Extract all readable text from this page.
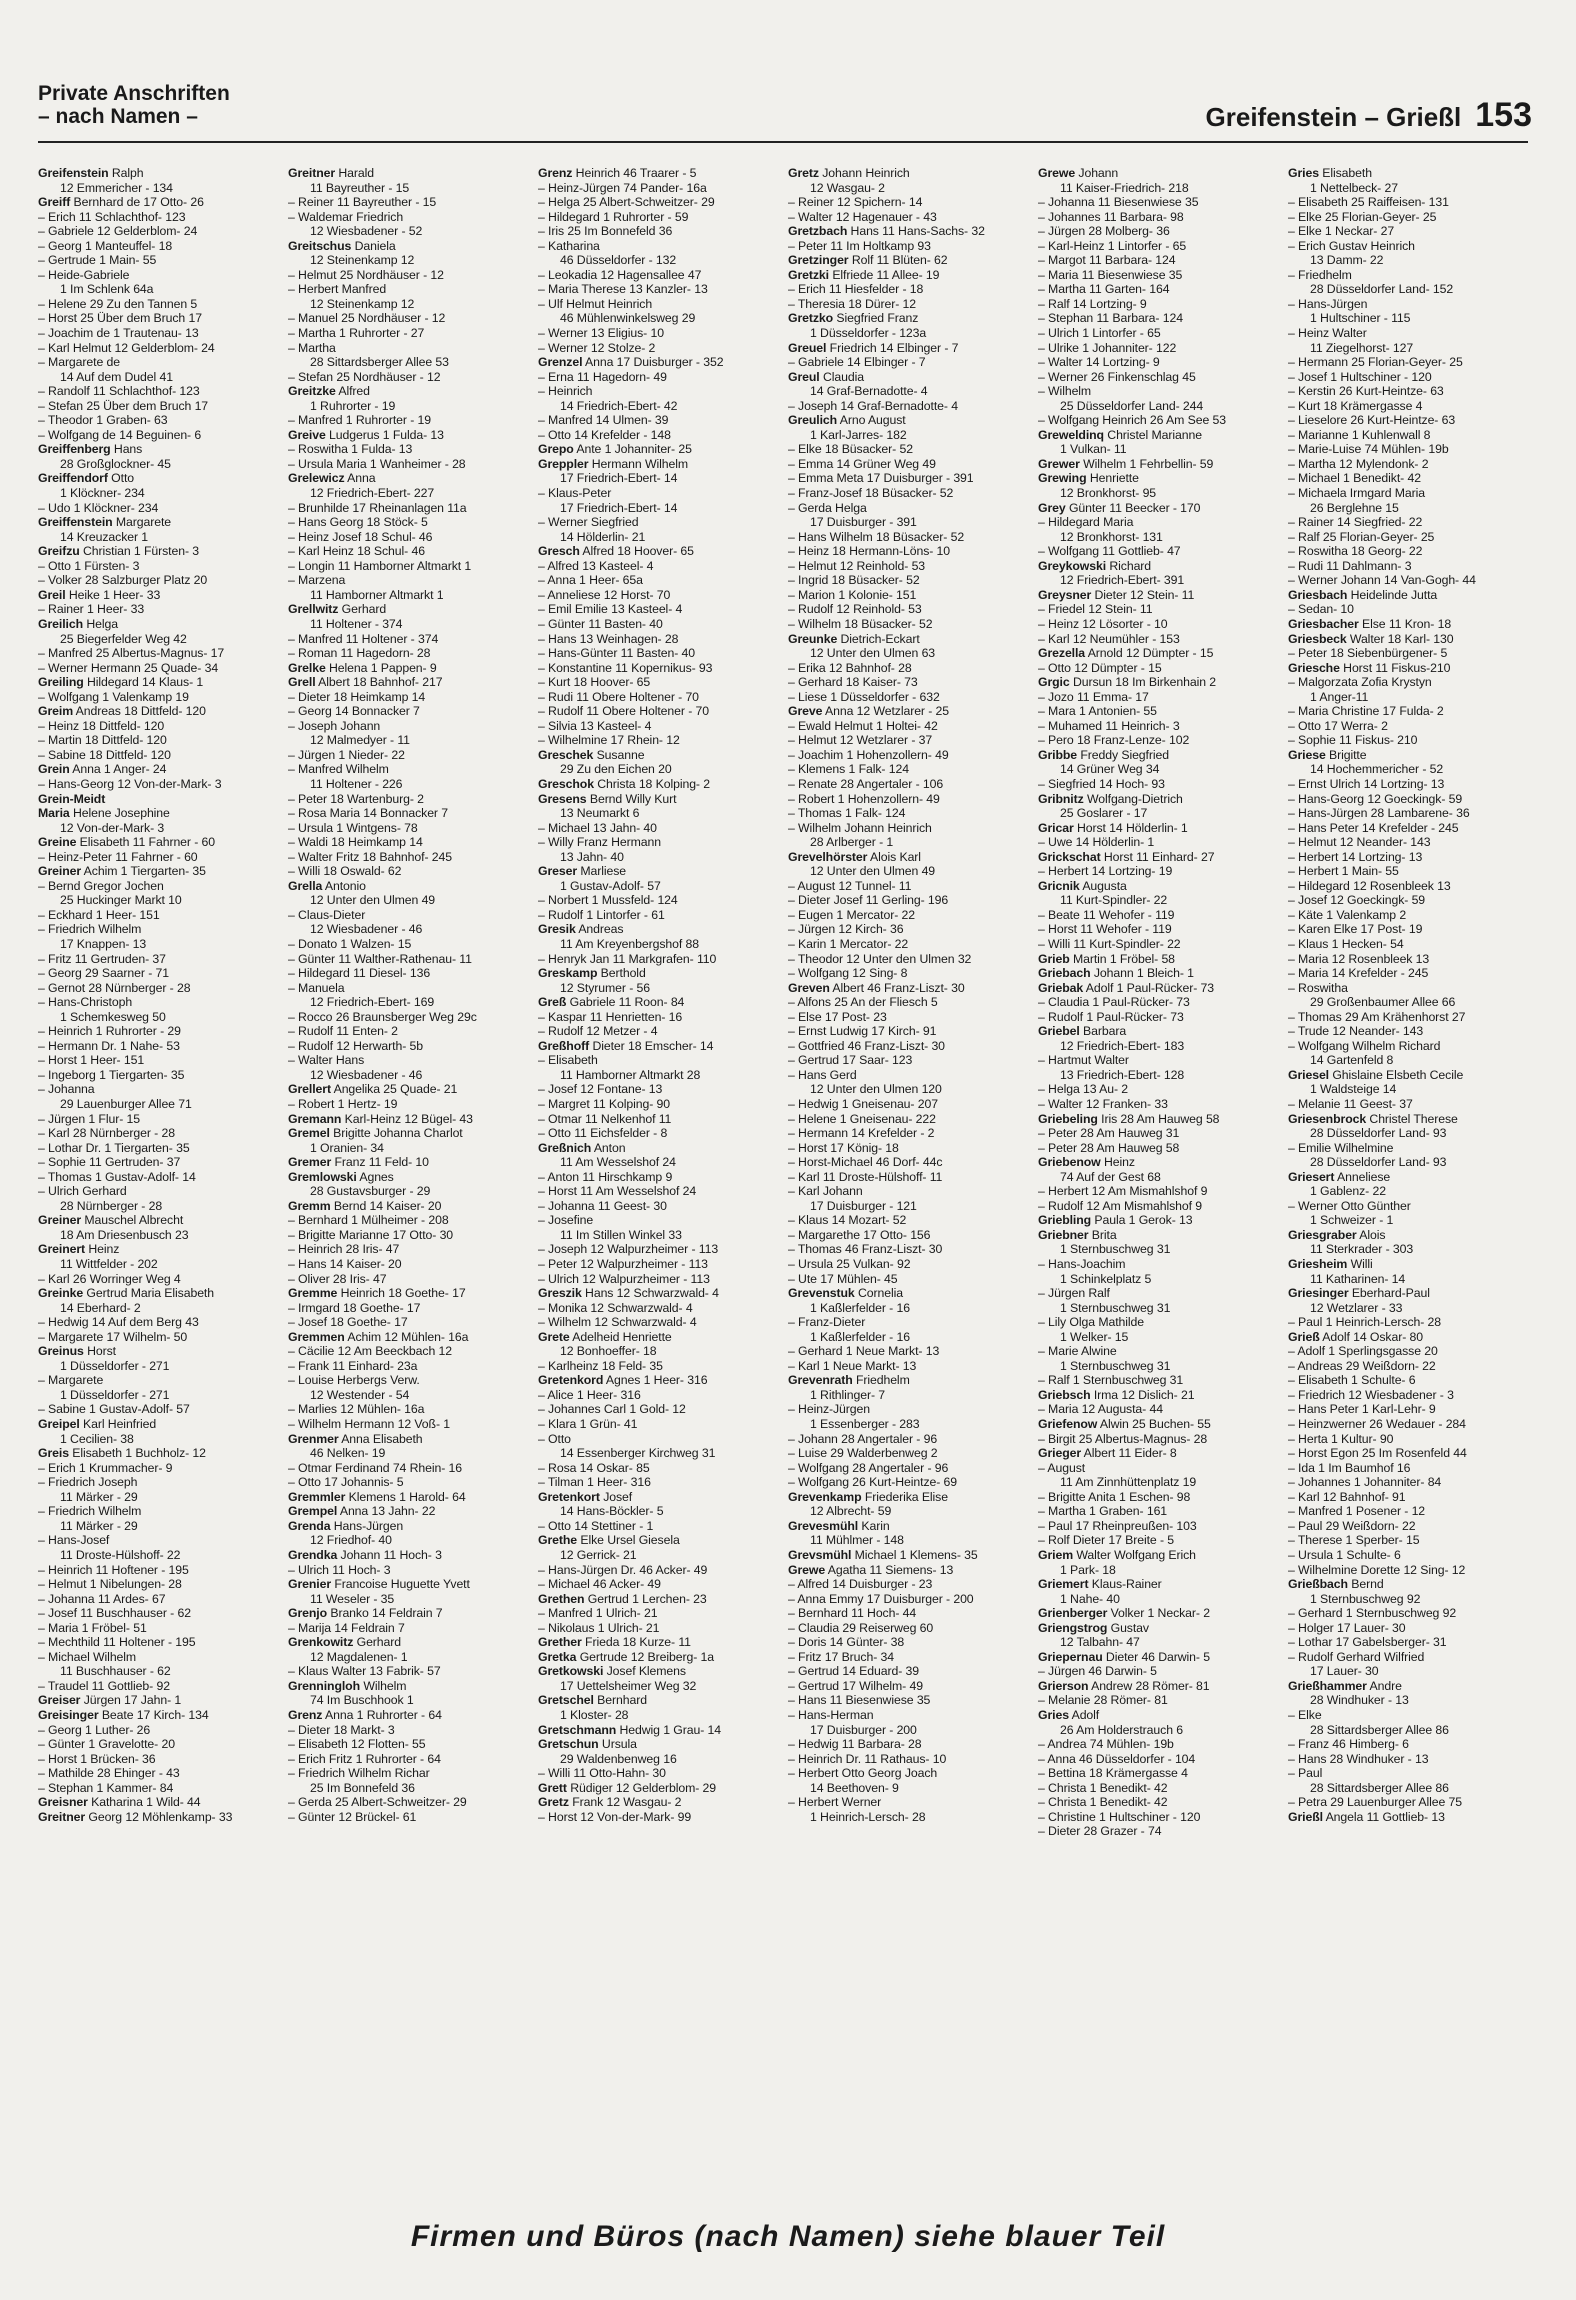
Private Anschriften
– nach Namen –	Greifenstein – Grießl 153
Greifenstein Ralph
12 Emmericher - 134
Greiff Bernhard de 17 Otto- 26
– Erich 11 Schlachthof- 123
– Gabriele 12 Gelderblom- 24
– Georg 1 Manteuffel- 18
– Gertrude 1 Main- 55
– Heide-Gabriele
1 Im Schlenk 64a
– Helene 29 Zu den Tannen 5
– Horst 25 Über dem Bruch 17
– Joachim de 1 Trautenau- 13
– Karl Helmut 12 Gelderblom- 24
– Margarete de
14 Auf dem Dudel 41
– Randolf 11 Schlachthof- 123
– Stefan 25 Über dem Bruch 17
– Theodor 1 Graben- 63
– Wolfgang de 14 Beguinen- 6
Greiffenberg Hans
28 Großglockner- 45
Greiffendorf Otto
1 Klöckner- 234
– Udo 1 Klöckner- 234
Greiffenstein Margarete
14 Kreuzacker 1
Greifzu Christian 1 Fürsten- 3
– Otto 1 Fürsten- 3
– Volker 28 Salzburger Platz 20
Greil Heike 1 Heer- 33
– Rainer 1 Heer- 33
Greilich Helga
25 Biegerfelder Weg 42
– Manfred 25 Albertus-Magnus- 17
– Werner Hermann 25 Quade- 34
Greiling Hildegard 14 Klaus- 1
– Wolfgang 1 Valenkamp 19
Greim Andreas 18 Dittfeld- 120
– Heinz 18 Dittfeld- 120
– Martin 18 Dittfeld- 120
– Sabine 18 Dittfeld- 120
Grein Anna 1 Anger- 24
– Hans-Georg 12 Von-der-Mark- 3
Grein-Meidt
Maria Helene Josephine
12 Von-der-Mark- 3
Greine Elisabeth 11 Fahrner - 60
– Heinz-Peter 11 Fahrner - 60
Greiner Achim 1 Tiergarten- 35
– Bernd Gregor Jochen
25 Huckinger Markt 10
– Eckhard 1 Heer- 151
– Friedrich Wilhelm
17 Knappen- 13
– Fritz 11 Gertruden- 37
– Georg 29 Saarner - 71
– Gernot 28 Nürnberger - 28
– Hans-Christoph
1 Schemkesweg 50
– Heinrich 1 Ruhrorter - 29
– Hermann Dr. 1 Nahe- 53
– Horst 1 Heer- 151
– Ingeborg 1 Tiergarten- 35
– Johanna
29 Lauenburger Allee 71
– Jürgen 1 Flur- 15
– Karl 28 Nürnberger - 28
– Lothar Dr. 1 Tiergarten- 35
– Sophie 11 Gertruden- 37
– Thomas 1 Gustav-Adolf- 14
– Ulrich Gerhard
28 Nürnberger - 28
Greiner Mauschel Albrecht
18 Am Driesenbusch 23
Greinert Heinz
11 Wittfelder - 202
– Karl 26 Worringer Weg 4
Greinke Gertrud Maria Elisabeth
14 Eberhard- 2
– Hedwig 14 Auf dem Berg 43
– Margarete 17 Wilhelm- 50
Greinus Horst
1 Düsseldorfer - 271
– Margarete
1 Düsseldorfer - 271
– Sabine 1 Gustav-Adolf- 57
Greipel Karl Heinfried
1 Cecilien- 38
Greis Elisabeth 1 Buchholz- 12
– Erich 1 Krummacher- 9
– Friedrich Joseph
11 Märker - 29
– Friedrich Wilhelm
11 Märker - 29
– Hans-Josef
11 Droste-Hülshoff- 22
– Heinrich 11 Hoftener - 195
– Helmut 1 Nibelungen- 28
– Johanna 11 Ardes- 67
– Josef 11 Buschhauser - 62
– Maria 1 Fröbel- 51
– Mechthild 11 Holtener - 195
– Michael Wilhelm
11 Buschhauser - 62
– Traudel 11 Gottlieb- 92
Greiser Jürgen 17 Jahn- 1
Greisinger Beate 17 Kirch- 134
– Georg 1 Luther- 26
– Günter 1 Gravelotte- 20
– Horst 1 Brücken- 36
– Mathilde 28 Ehinger - 43
– Stephan 1 Kammer- 84
Greisner Katharina 1 Wild- 44
Greitner Georg 12 Möhlenkamp- 33
Greitner Harald
11 Bayreuther - 15
– Reiner 11 Bayreuther - 15
– Waldemar Friedrich
12 Wiesbadener - 52
Greitschus Daniela
12 Steinenkamp 12
– Helmut 25 Nordhäuser - 12
– Herbert Manfred
12 Steinenkamp 12
– Manuel 25 Nordhäuser - 12
– Martha 1 Ruhrorter - 27
– Martha
28 Sittardsberger Allee 53
– Stefan 25 Nordhäuser - 12
Greitzke Alfred
1 Ruhrorter - 19
– Manfred 1 Ruhrorter - 19
Greive Ludgerus 1 Fulda- 13
– Roswitha 1 Fulda- 13
– Ursula Maria 1 Wanheimer - 28
Grelewicz Anna
12 Friedrich-Ebert- 227
– Brunhilde 17 Rheinanlagen 11a
– Hans Georg 18 Stöck- 5
– Heinz Josef 18 Schul- 46
– Karl Heinz 18 Schul- 46
– Longin 11 Hamborner Altmarkt 1
– Marzena
11 Hamborner Altmarkt 1
Grellwitz Gerhard
11 Holtener - 374
– Manfred 11 Holtener - 374
– Roman 11 Hagedorn- 28
Grelke Helena 1 Pappen- 9
Grell Albert 18 Bahnhof- 217
– Dieter 18 Heimkamp 14
– Georg 14 Bonnacker 7
– Joseph Johann
12 Malmedyer - 11
– Jürgen 1 Nieder- 22
– Manfred Wilhelm
11 Holtener - 226
– Peter 18 Wartenburg- 2
– Rosa Maria 14 Bonnacker 7
– Ursula 1 Wintgens- 78
– Waldi 18 Heimkamp 14
– Walter Fritz 18 Bahnhof- 245
– Willi 18 Oswald- 62
Grella Antonio
12 Unter den Ulmen 49
– Claus-Dieter
12 Wiesbadener - 46
– Donato 1 Walzen- 15
– Günter 11 Walther-Rathenau- 11
– Hildegard 11 Diesel- 136
– Manuela
12 Friedrich-Ebert- 169
– Rocco 26 Braunsberger Weg 29c
– Rudolf 11 Enten- 2
– Rudolf 12 Herwarth- 5b
– Walter Hans
12 Wiesbadener - 46
Grellert Angelika 25 Quade- 21
– Robert 1 Hertz- 19
Gremann Karl-Heinz 12 Bügel- 43
Gremel Brigitte Johanna Charlot
1 Oranien- 34
Gremer Franz 11 Feld- 10
Gremlowski Agnes
28 Gustavsburger - 29
Gremm Bernd 14 Kaiser- 20
– Bernhard 1 Mülheimer - 208
– Brigitte Marianne 17 Otto- 30
– Heinrich 28 Iris- 47
– Hans 14 Kaiser- 20
– Oliver 28 Iris- 47
Gremme Heinrich 18 Goethe- 17
– Irmgard 18 Goethe- 17
– Josef 18 Goethe- 17
Gremmen Achim 12 Mühlen- 16a
– Cäcilie 12 Am Beeckbach 12
– Frank 11 Einhard- 23a
– Louise Herbergs Verw.
12 Westender - 54
– Marlies 12 Mühlen- 16a
– Wilhelm Hermann 12 Voß- 1
Grenmer Anna Elisabeth
46 Nelken- 19
– Otmar Ferdinand 74 Rhein- 16
– Otto 17 Johannis- 5
Gremmler Klemens 1 Harold- 64
Grempel Anna 13 Jahn- 22
Grenda Hans-Jürgen
12 Friedhof- 40
Grendka Johann 11 Hoch- 3
– Ulrich 11 Hoch- 3
Grenier Francoise Huguette Yvett
11 Weseler - 35
Grenjo Branko 14 Feldrain 7
– Marija 14 Feldrain 7
Grenkowitz Gerhard
12 Magdalenen- 1
– Klaus Walter 13 Fabrik- 57
Grenningloh Wilhelm
74 Im Buschhook 1
Grenz Anna 1 Ruhrorter - 64
– Dieter 18 Markt- 3
– Elisabeth 12 Flotten- 55
– Erich Fritz 1 Ruhrorter - 64
– Friedrich Wilhelm Richar
25 Im Bonnefeld 36
– Gerda 25 Albert-Schweitzer- 29
– Günter 12 Brückel- 61
Grenz Heinrich 46 Traarer - 5
– Heinz-Jürgen 74 Pander- 16a
– Helga 25 Albert-Schweitzer- 29
– Hildegard 1 Ruhrorter - 59
– Iris 25 Im Bonnefeld 36
– Katharina
46 Düsseldorfer - 132
– Leokadia 12 Hagensallee 47
– Maria Therese 13 Kanzler- 13
– Ulf Helmut Heinrich
46 Mühlenwinkelsweg 29
– Werner 13 Eligius- 10
– Werner 12 Stolze- 2
Grenzel Anna 17 Duisburger - 352
– Erna 11 Hagedorn- 49
– Heinrich
14 Friedrich-Ebert- 42
– Manfred 14 Ulmen- 39
– Otto 14 Krefelder - 148
Grepo Ante 1 Johanniter- 25
Greppler Hermann Wilhelm
17 Friedrich-Ebert- 14
– Klaus-Peter
17 Friedrich-Ebert- 14
– Werner Siegfried
14 Hölderlin- 21
Gresch Alfred 18 Hoover- 65
– Alfred 13 Kasteel- 4
– Anna 1 Heer- 65a
– Anneliese 12 Horst- 70
– Emil Emilie 13 Kasteel- 4
– Günter 11 Basten- 40
– Hans 13 Weinhagen- 28
– Hans-Günter 11 Basten- 40
– Konstantine 11 Kopernikus- 93
– Kurt 18 Hoover- 65
– Rudi 11 Obere Holtener - 70
– Rudolf 11 Obere Holtener - 70
– Silvia 13 Kasteel- 4
– Wilhelmine 17 Rhein- 12
Greschek Susanne
29 Zu den Eichen 20
Greschok Christa 18 Kolping- 2
Gresens Bernd Willy Kurt
13 Neumarkt 6
– Michael 13 Jahn- 40
– Willy Franz Hermann
13 Jahn- 40
Greser Marliese
1 Gustav-Adolf- 57
– Norbert 1 Mussfeld- 124
– Rudolf 1 Lintorfer - 61
Gresik Andreas
11 Am Kreyenbergshof 88
– Henryk Jan 11 Markgrafen- 110
Greskamp Berthold
12 Styrumer - 56
Greß Gabriele 11 Roon- 84
– Kaspar 11 Henrietten- 16
– Rudolf 12 Metzer - 4
Greßhoff Dieter 18 Emscher- 14
– Elisabeth
11 Hamborner Altmarkt 28
– Josef 12 Fontane- 13
– Margret 11 Kolping- 90
– Otmar 11 Nelkenhof 11
– Otto 11 Eichsfelder - 8
Greßnich Anton
11 Am Wesselshof 24
– Anton 11 Hirschkamp 9
– Horst 11 Am Wesselshof 24
– Johanna 11 Geest- 30
– Josefine
11 Im Stillen Winkel 33
– Joseph 12 Walpurzheimer - 113
– Peter 12 Walpurzheimer - 113
– Ulrich 12 Walpurzheimer - 113
Greszik Hans 12 Schwarzwald- 4
– Monika 12 Schwarzwald- 4
– Wilhelm 12 Schwarzwald- 4
Grete Adelheid Henriette
12 Bonhoeffer- 18
– Karlheinz 18 Feld- 35
Gretenkord Agnes 1 Heer- 316
– Alice 1 Heer- 316
– Johannes Carl 1 Gold- 12
– Klara 1 Grün- 41
– Otto
14 Essenberger Kirchweg 31
– Rosa 14 Oskar- 85
– Tilman 1 Heer- 316
Gretenkort Josef
14 Hans-Böckler- 5
– Otto 14 Stettiner - 1
Grethe Elke Ursel Giesela
12 Gerrick- 21
– Hans-Jürgen Dr. 46 Acker- 49
– Michael 46 Acker- 49
Grethen Gertrud 1 Lerchen- 23
– Manfred 1 Ulrich- 21
– Nikolaus 1 Ulrich- 21
Grether Frieda 18 Kurze- 11
Gretka Gertrude 12 Breiberg- 1a
Gretkowski Josef Klemens
17 Uettelsheimer Weg 32
Gretschel Bernhard
1 Kloster- 28
Gretschmann Hedwig 1 Grau- 14
Gretschun Ursula
29 Waldenbenweg 16
– Willi 11 Otto-Hahn- 30
Grett Rüdiger 12 Gelderblom- 29
Gretz Frank 12 Wasgau- 2
– Horst 12 Von-der-Mark- 99
Gretz Johann Heinrich
12 Wasgau- 2
– Reiner 12 Spichern- 14
– Walter 12 Hagenauer - 43
Gretzbach Hans 11 Hans-Sachs- 32
– Peter 11 Im Holtkamp 93
Gretzinger Rolf 11 Blüten- 62
Gretzki Elfriede 11 Allee- 19
– Erich 11 Hiesfelder - 18
– Theresia 18 Dürer- 12
Gretzko Siegfried Franz
1 Düsseldorfer - 123a
Greuel Friedrich 14 Elbinger - 7
– Gabriele 14 Elbinger - 7
Greul Claudia
14 Graf-Bernadotte- 4
– Joseph 14 Graf-Bernadotte- 4
Greulich Arno August
1 Karl-Jarres- 182
– Elke 18 Büsacker- 52
– Emma 14 Grüner Weg 49
– Emma Meta 17 Duisburger - 391
– Franz-Josef 18 Büsacker- 52
– Gerda Helga
17 Duisburger - 391
– Hans Wilhelm 18 Büsacker- 52
– Heinz 18 Hermann-Löns- 10
– Helmut 12 Reinhold- 53
– Ingrid 18 Büsacker- 52
– Marion 1 Kolonie- 151
– Rudolf 12 Reinhold- 53
– Wilhelm 18 Büsacker- 52
Greunke Dietrich-Eckart
12 Unter den Ulmen 63
– Erika 12 Bahnhof- 28
– Gerhard 18 Kaiser- 73
– Liese 1 Düsseldorfer - 632
Greve Anna 12 Wetzlarer - 25
– Ewald Helmut 1 Holtei- 42
– Helmut 12 Wetzlarer - 37
– Joachim 1 Hohenzollern- 49
– Klemens 1 Falk- 124
– Renate 28 Angertaler - 106
– Robert 1 Hohenzollern- 49
– Thomas 1 Falk- 124
– Wilhelm Johann Heinrich
28 Arlberger - 1
Grevelhörster Alois Karl
12 Unter den Ulmen 49
– August 12 Tunnel- 11
– Dieter Josef 11 Gerling- 196
– Eugen 1 Mercator- 22
– Jürgen 12 Kirch- 36
– Karin 1 Mercator- 22
– Theodor 12 Unter den Ulmen 32
– Wolfgang 12 Sing- 8
Greven Albert 46 Franz-Liszt- 30
– Alfons 25 An der Fliesch 5
– Else 17 Post- 23
– Ernst Ludwig 17 Kirch- 91
– Gottfried 46 Franz-Liszt- 30
– Gertrud 17 Saar- 123
– Hans Gerd
12 Unter den Ulmen 120
– Hedwig 1 Gneisenau- 207
– Helene 1 Gneisenau- 222
– Hermann 14 Krefelder - 2
– Horst 17 König- 18
– Horst-Michael 46 Dorf- 44c
– Karl 11 Droste-Hülshoff- 11
– Karl Johann
17 Duisburger - 121
– Klaus 14 Mozart- 52
– Margarethe 17 Otto- 156
– Thomas 46 Franz-Liszt- 30
– Ursula 25 Vulkan- 92
– Ute 17 Mühlen- 45
Grevenstuk Cornelia
1 Kaßlerfelder - 16
– Franz-Dieter
1 Kaßlerfelder - 16
– Gerhard 1 Neue Markt- 13
– Karl 1 Neue Markt- 13
Grevenrath Friedhelm
1 Rithlinger- 7
– Heinz-Jürgen
1 Essenberger - 283
– Johann 28 Angertaler - 96
– Luise 29 Walderbenweg 2
– Wolfgang 28 Angertaler - 96
– Wolfgang 26 Kurt-Heintze- 69
Grevenkamp Friederika Elise
12 Albrecht- 59
Grevesmühl Karin
11 Mühlmer - 148
Grevsmühl Michael 1 Klemens- 35
Grewe Agatha 11 Siemens- 13
– Alfred 14 Duisburger - 23
– Anna Emmy 17 Duisburger - 200
– Bernhard 11 Hoch- 44
– Claudia 29 Reiserweg 60
– Doris 14 Günter- 38
– Fritz 17 Bruch- 34
– Gertrud 14 Eduard- 39
– Gertrud 17 Wilhelm- 49
– Hans 11 Biesenwiese 35
– Hans-Herman
17 Duisburger - 200
– Hedwig 11 Barbara- 28
– Heinrich Dr. 11 Rathaus- 10
– Herbert Otto Georg Joach
14 Beethoven- 9
– Herbert Werner
1 Heinrich-Lersch- 28
Grewe Johann
11 Kaiser-Friedrich- 218
– Johanna 11 Biesenwiese 35
– Johannes 11 Barbara- 98
– Jürgen 28 Molberg- 36
– Karl-Heinz 1 Lintorfer - 65
– Margot 11 Barbara- 124
– Maria 11 Biesenwiese 35
– Martha 11 Garten- 164
– Ralf 14 Lortzing- 9
– Stephan 11 Barbara- 124
– Ulrich 1 Lintorfer - 65
– Ulrike 1 Johanniter- 122
– Walter 14 Lortzing- 9
– Werner 26 Finkenschlag 45
– Wilhelm
25 Düsseldorfer Land- 244
– Wolfgang Heinrich 26 Am See 53
Greweldinq Christel Marianne
1 Vulkan- 11
Grewer Wilhelm 1 Fehrbellin- 59
Grewing Henriette
12 Bronkhorst- 95
Grey Günter 11 Beecker - 170
– Hildegard Maria
12 Bronkhorst- 131
– Wolfgang 11 Gottlieb- 47
Greykowski Richard
12 Friedrich-Ebert- 391
Greysner Dieter 12 Stein- 11
– Friedel 12 Stein- 11
– Heinz 12 Lösorter - 10
– Karl 12 Neumühler - 153
Grezella Arnold 12 Dümpter - 15
– Otto 12 Dümpter - 15
Grgic Dursun 18 Im Birkenhain 2
– Jozo 11 Emma- 17
– Mara 1 Antonien- 55
– Muhamed 11 Heinrich- 3
– Pero 18 Franz-Lenze- 102
Gribbe Freddy Siegfried
14 Grüner Weg 34
– Siegfried 14 Hoch- 93
Gribnitz Wolfgang-Dietrich
25 Goslarer - 17
Gricar Horst 14 Hölderlin- 1
– Uwe 14 Hölderlin- 1
Grickschat Horst 11 Einhard- 27
– Herbert 14 Lortzing- 19
Gricnik Augusta
11 Kurt-Spindler- 22
– Beate 11 Wehofer - 119
– Horst 11 Wehofer - 119
– Willi 11 Kurt-Spindler- 22
Grieb Martin 1 Fröbel- 58
Griebach Johann 1 Bleich- 1
Griebak Adolf 1 Paul-Rücker- 73
– Claudia 1 Paul-Rücker- 73
– Rudolf 1 Paul-Rücker- 73
Griebel Barbara
12 Friedrich-Ebert- 183
– Hartmut Walter
13 Friedrich-Ebert- 128
– Helga 13 Au- 2
– Walter 12 Franken- 33
Griebeling Iris 28 Am Hauweg 58
– Peter 28 Am Hauweg 31
– Peter 28 Am Hauweg 58
Griebenow Heinz
74 Auf der Gest 68
– Herbert 12 Am Mismahlshof 9
– Rudolf 12 Am Mismahlshof 9
Griebling Paula 1 Gerok- 13
Griebner Brita
1 Sternbuschweg 31
– Hans-Joachim
1 Schinkelplatz 5
– Jürgen Ralf
1 Sternbuschweg 31
– Lily Olga Mathilde
1 Welker- 15
– Marie Alwine
1 Sternbuschweg 31
– Ralf 1 Sternbuschweg 31
Griebsch Irma 12 Dislich- 21
– Maria 12 Augusta- 44
Griefenow Alwin 25 Buchen- 55
– Birgit 25 Albertus-Magnus- 28
Grieger Albert 11 Eider- 8
– August
11 Am Zinnhüttenplatz 19
– Brigitte Anita 1 Eschen- 98
– Martha 1 Graben- 161
– Paul 17 Rheinpreußen- 103
– Rolf Dieter 17 Breite - 5
Griem Walter Wolfgang Erich
1 Park- 18
Griemert Klaus-Rainer
1 Nahe- 40
Grienberger Volker 1 Neckar- 2
Griengstrog Gustav
12 Talbahn- 47
Griepernau Dieter 46 Darwin- 5
– Jürgen 46 Darwin- 5
Grierson Andrew 28 Römer- 81
– Melanie 28 Römer- 81
Gries Adolf
26 Am Holderstrauch 6
– Andrea 74 Mühlen- 19b
– Anna 46 Düsseldorfer - 104
– Bettina 18 Krämergasse 4
– Christa 1 Benedikt- 42
– Christa 1 Benedikt- 42
– Christine 1 Hultschiner - 120
– Dieter 28 Grazer - 74
Gries Elisabeth
1 Nettelbeck- 27
– Elisabeth 25 Raiffeisen- 131
– Elke 25 Florian-Geyer- 25
– Elke 1 Neckar- 27
– Erich Gustav Heinrich
13 Damm- 22
– Friedhelm
28 Düsseldorfer Land- 152
– Hans-Jürgen
1 Hultschiner - 115
– Heinz Walter
11 Ziegelhorst- 127
– Hermann 25 Florian-Geyer- 25
– Josef 1 Hultschiner - 120
– Kerstin 26 Kurt-Heintze- 63
– Kurt 18 Krämergasse 4
– Lieselore 26 Kurt-Heintze- 63
– Marianne 1 Kuhlenwall 8
– Marie-Luise 74 Mühlen- 19b
– Martha 12 Mylendonk- 2
– Michael 1 Benedikt- 42
– Michaela Irmgard Maria
26 Berglehne 15
– Rainer 14 Siegfried- 22
– Ralf 25 Florian-Geyer- 25
– Roswitha 18 Georg- 22
– Rudi 11 Dahlmann- 3
– Werner Johann 14 Van-Gogh- 44
Griesbach Heidelinde Jutta
– Sedan- 10
Griesbacher Else 11 Kron- 18
Griesbeck Walter 18 Karl- 130
– Peter 18 Siebenbürgener- 5
Griesche Horst 11 Fiskus-210
– Malgorzata Zofia Krystyn
1 Anger-11
– Maria Christine 17 Fulda- 2
– Otto 17 Werra- 2
– Sophie 11 Fiskus- 210
Griese Brigitte
14 Hochemmericher - 52
– Ernst Ulrich 14 Lortzing- 13
– Hans-Georg 12 Goeckingk- 59
– Hans-Jürgen 28 Lambarene- 36
– Hans Peter 14 Krefelder - 245
– Helmut 12 Neander- 143
– Herbert 14 Lortzing- 13
– Herbert 1 Main- 55
– Hildegard 12 Rosenbleek 13
– Josef 12 Goeckingk- 59
– Käte 1 Valenkamp 2
– Karen Elke 17 Post- 19
– Klaus 1 Hecken- 54
– Maria 12 Rosenbleek 13
– Maria 14 Krefelder - 245
– Roswitha
29 Großenbaumer Allee 66
– Thomas 29 Am Krähenhorst 27
– Trude 12 Neander- 143
– Wolfgang Wilhelm Richard
14 Gartenfeld 8
Griesel Ghislaine Elsbeth Cecile
1 Waldsteige 14
– Melanie 11 Geest- 37
Griesenbrock Christel Therese
28 Düsseldorfer Land- 93
– Emilie Wilhelmine
28 Düsseldorfer Land- 93
Griesert Anneliese
1 Gablenz- 22
– Werner Otto Günther
1 Schweizer - 1
Griesgraber Alois
11 Sterkrader - 303
Griesheim Willi
11 Katharinen- 14
Griesinger Eberhard-Paul
12 Wetzlarer - 33
– Paul 1 Heinrich-Lersch- 28
Grieß Adolf 14 Oskar- 80
– Adolf 1 Sperlingsgasse 20
– Andreas 29 Weißdorn- 22
– Elisabeth 1 Schulte- 6
– Friedrich 12 Wiesbadener - 3
– Hans Peter 1 Karl-Lehr- 9
– Heinzwerner 26 Wedauer - 284
– Herta 1 Kultur- 90
– Horst Egon 25 Im Rosenfeld 44
– Ida 1 Im Baumhof 16
– Johannes 1 Johanniter- 84
– Karl 12 Bahnhof- 91
– Manfred 1 Posener - 12
– Paul 29 Weißdorn- 22
– Therese 1 Sperber- 15
– Ursula 1 Schulte- 6
– Wilhelmine Dorette 12 Sing- 12
Grießbach Bernd
1 Sternbuschweg 92
– Gerhard 1 Sternbuschweg 92
– Holger 17 Lauer- 30
– Lothar 17 Gabelsberger- 31
– Rudolf Gerhard Wilfried
17 Lauer- 30
Grießhammer Andre
28 Windhuker - 13
– Elke
28 Sittardsberger Allee 86
– Franz 46 Himberg- 6
– Hans 28 Windhuker - 13
– Paul
28 Sittardsberger Allee 86
– Petra 29 Lauenburger Allee 75
Grießl Angela 11 Gottlieb- 13
Firmen und Büros (nach Namen) siehe blauer Teil
